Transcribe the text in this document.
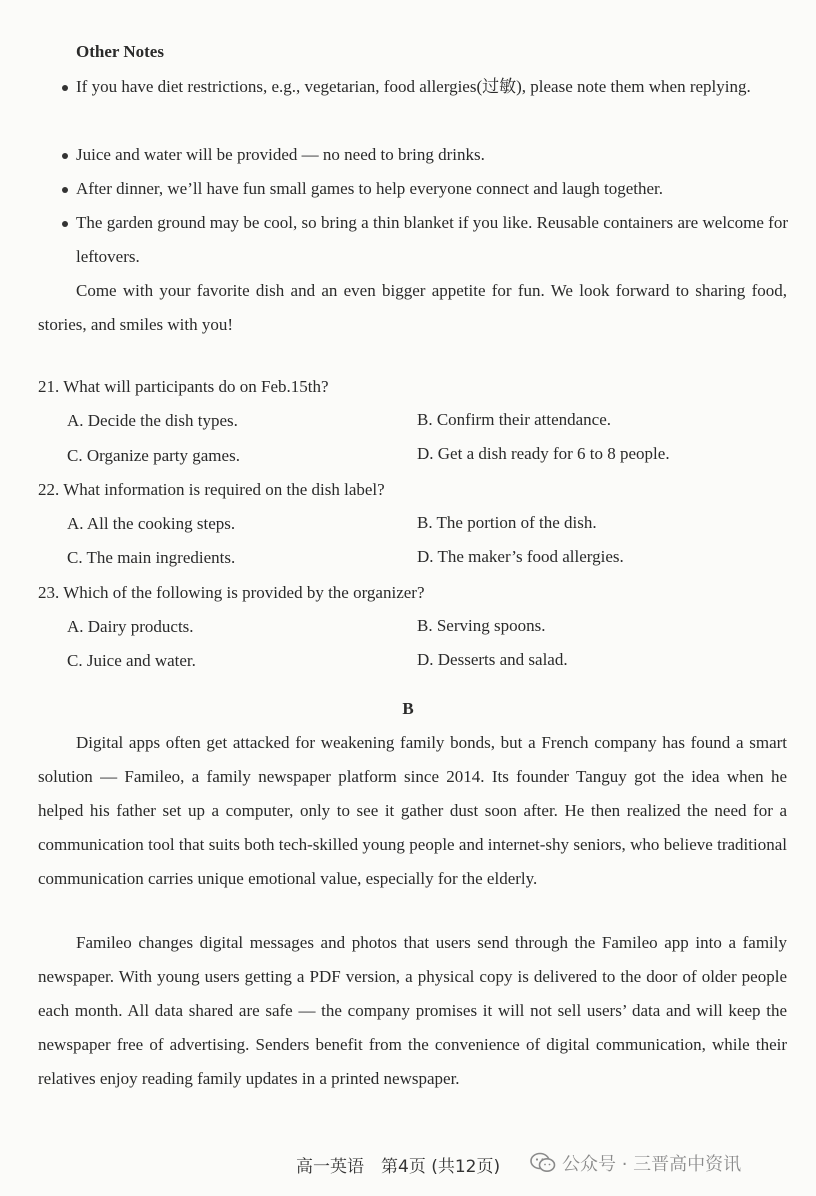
Other Notes
If you have diet restrictions, e.g., vegetarian, food allergies(过敏), please note them when replying.
Juice and water will be provided — no need to bring drinks.
After dinner, we’ll have fun small games to help everyone connect and laugh together.
The garden ground may be cool, so bring a thin blanket if you like. Reusable containers are welcome for leftovers.
Come with your favorite dish and an even bigger appetite for fun. We look forward to sharing food, stories, and smiles with you!
21. What will participants do on Feb.15th?
A. Decide the dish types.	B. Confirm their attendance.
C. Organize party games.	D. Get a dish ready for 6 to 8 people.
22. What information is required on the dish label?
A. All the cooking steps.	B. The portion of the dish.
C. The main ingredients.	D. The maker’s food allergies.
23. Which of the following is provided by the organizer?
A. Dairy products.	B. Serving spoons.
C. Juice and water.	D. Desserts and salad.
B
Digital apps often get attacked for weakening family bonds, but a French company has found a smart solution — Famileo, a family newspaper platform since 2014. Its founder Tanguy got the idea when he helped his father set up a computer, only to see it gather dust soon after. He then realized the need for a communication tool that suits both tech-skilled young people and internet-shy seniors, who believe traditional communication carries unique emotional value, especially for the elderly.
Famileo changes digital messages and photos that users send through the Famileo app into a family newspaper. With young users getting a PDF version, a physical copy is delivered to the door of older people each month. All data shared are safe — the company promises it will not sell users’ data and will keep the newspaper free of advertising. Senders benefit from the convenience of digital communication, while their relatives enjoy reading family updates in a printed newspaper.
高一英语　第4页 (共12页)	公众号 · 三晋高中资讯
